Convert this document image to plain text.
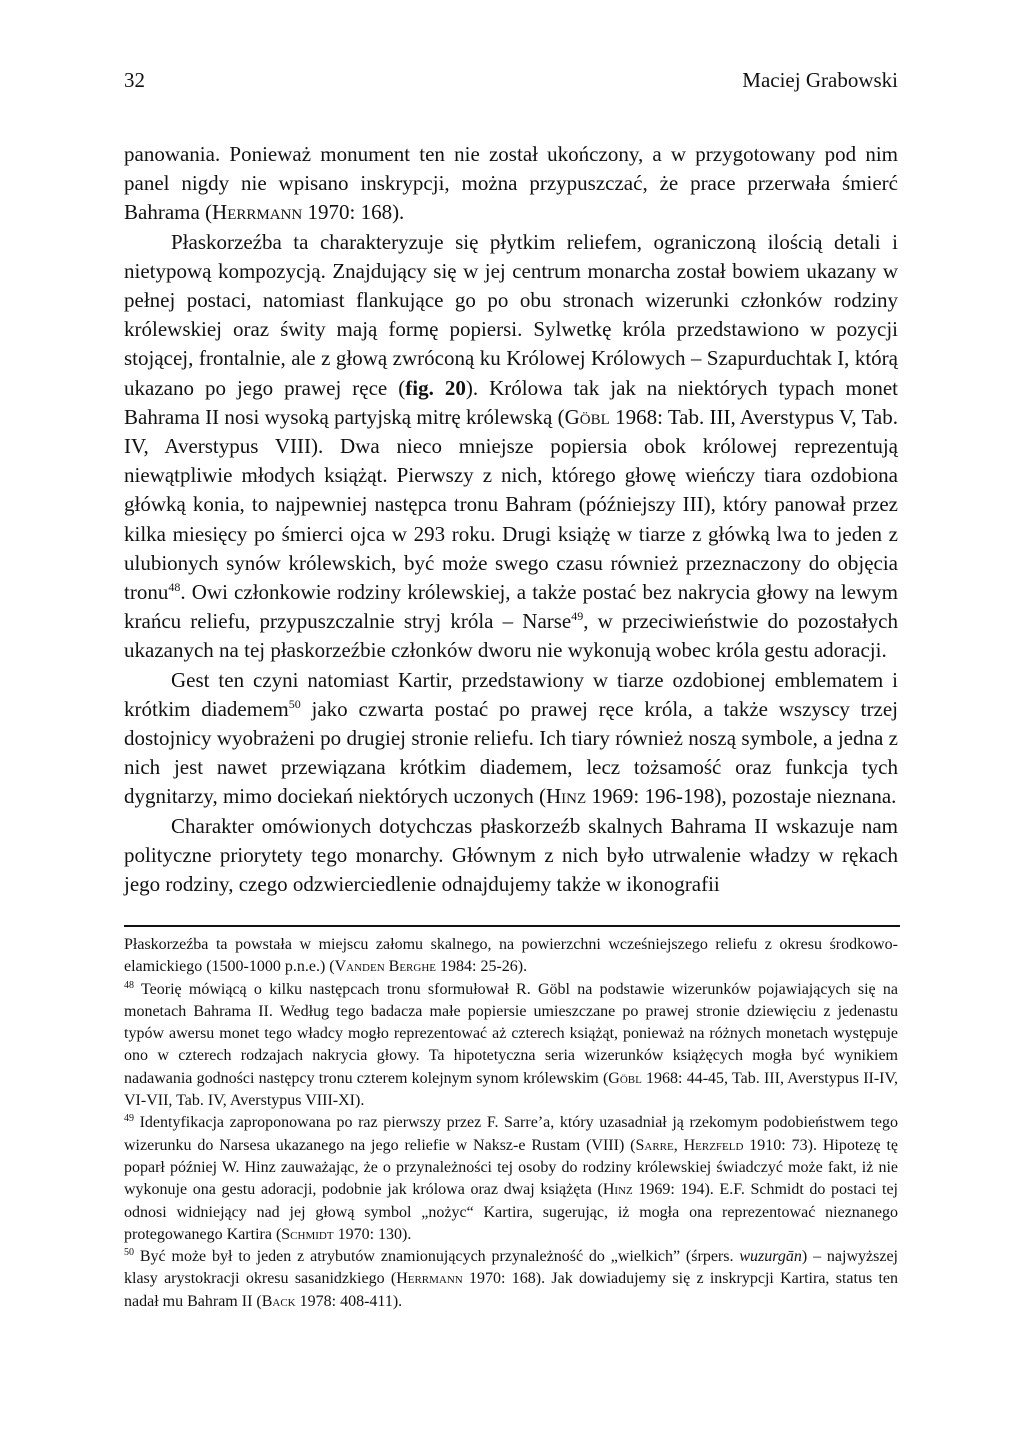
32	Maciej Grabowski

panowania. Ponieważ monument ten nie został ukończony, a w przygotowany pod nim panel nigdy nie wpisano inskrypcji, można przypuszczać, że prace przerwała śmierć Bahrama (Herrmann 1970: 168).

Płaskorzeźba ta charakteryzuje się płytkim reliefem, ograniczoną ilością detali i nietypową kompozycją. Znajdujący się w jej centrum monarcha został bowiem ukazany w pełnej postaci, natomiast flankujące go po obu stronach wizerunki członków rodziny królewskiej oraz świty mają formę popiersi. Sylwetkę króla przedstawiono w pozycji stojącej, frontalnie, ale z głową zwróconą ku Królowej Królowych – Szapurduchtak I, którą ukazano po jego prawej ręce (fig. 20). Królowa tak jak na niektórych typach monet Bahrama II nosi wysoką partyjską mitrę królewską (Göbl 1968: Tab. III, Averstypus V, Tab. IV, Averstypus VIII). Dwa nieco mniejsze popiersia obok królowej reprezentują niewątpliwie młodych książąt. Pierwszy z nich, którego głowę wieńczy tiara ozdobiona główką konia, to najpewniej następca tronu Bahram (późniejszy III), który panował przez kilka miesięcy po śmierci ojca w 293 roku. Drugi książę w tiarze z główką lwa to jeden z ulubionych synów królewskich, być może swego czasu również przeznaczony do objęcia tronu$^{48}$. Owi członkowie rodziny królewskiej, a także postać bez nakrycia głowy na lewym krańcu reliefu, przypuszczalnie stryj króla – Narse$^{49}$, w przeciwieństwie do pozostałych ukazanych na tej płaskorzeźbie członków dworu nie wykonują wobec króla gestu adoracji.

Gest ten czyni natomiast Kartir, przedstawiony w tiarze ozdobionej emblematem i krótkim diademem$^{50}$ jako czwarta postać po prawej ręce króla, a także wszyscy trzej dostojnicy wyobrażeni po drugiej stronie reliefu. Ich tiary również noszą symbole, a jedna z nich jest nawet przewiązana krótkim diademem, lecz tożsamość oraz funkcja tych dygnitarzy, mimo dociekań niektórych uczonych (Hinz 1969: 196-198), pozostaje nieznana.

Charakter omówionych dotychczas płaskorzeźb skalnych Bahrama II wskazuje nam polityczne priorytety tego monarchy. Głównym z nich było utrwalenie władzy w rękach jego rodziny, czego odzwierciedlenie odnajdujemy także w ikonografii

Płaskorzeźba ta powstała w miejscu załomu skalnego, na powierzchni wcześniejszego reliefu z okresu środkowo-elamickiego (1500-1000 p.n.e.) (Vanden Berghe 1984: 25-26).

$^{48}$ Teorię mówiącą o kilku następcach tronu sformułował R. Göbl na podstawie wizerunków pojawiających się na monetach Bahrama II. Według tego badacza małe popiersie umieszczane po prawej stronie dziewięciu z jedenastu typów awersu monet tego władcy mogło reprezentować aż czterech książąt, ponieważ na różnych monetach występuje ono w czterech rodzajach nakrycia głowy. Ta hipotetyczna seria wizerunków książęcych mogła być wynikiem nadawania godności następcy tronu czterem kolejnym synom królewskim (Göbl 1968: 44-45, Tab. III, Averstypus II-IV, VI-VII, Tab. IV, Averstypus VIII-XI).

$^{49}$ Identyfikacja zaproponowana po raz pierwszy przez F. Sarre’a, który uzasadniał ją rzekomym podobieństwem tego wizerunku do Narsesa ukazanego na jego reliefie w Naksz-e Rustam (VIII) (Sarre, Herzfeld 1910: 73). Hipotezę tę poparł później W. Hinz zauważając, że o przynależności tej osoby do rodziny królewskiej świadczyć może fakt, iż nie wykonuje ona gestu adoracji, podobnie jak królowa oraz dwaj książęta (Hinz 1969: 194). E.F. Schmidt do postaci tej odnosi widniejący nad jej głową symbol „nożyc“ Kartira, sugerując, iż mogła ona reprezentować nieznanego protegowanego Kartira (Schmidt 1970: 130).

$^{50}$ Być może był to jeden z atrybutów znamionujących przynależność do „wielkich” (śrpers. wuzurgān) – najwyższej klasy arystokracji okresu sasanidzkiego (Herrmann 1970: 168). Jak dowiadujemy się z inskrypcji Kartira, status ten nadał mu Bahram II (Back 1978: 408-411).
